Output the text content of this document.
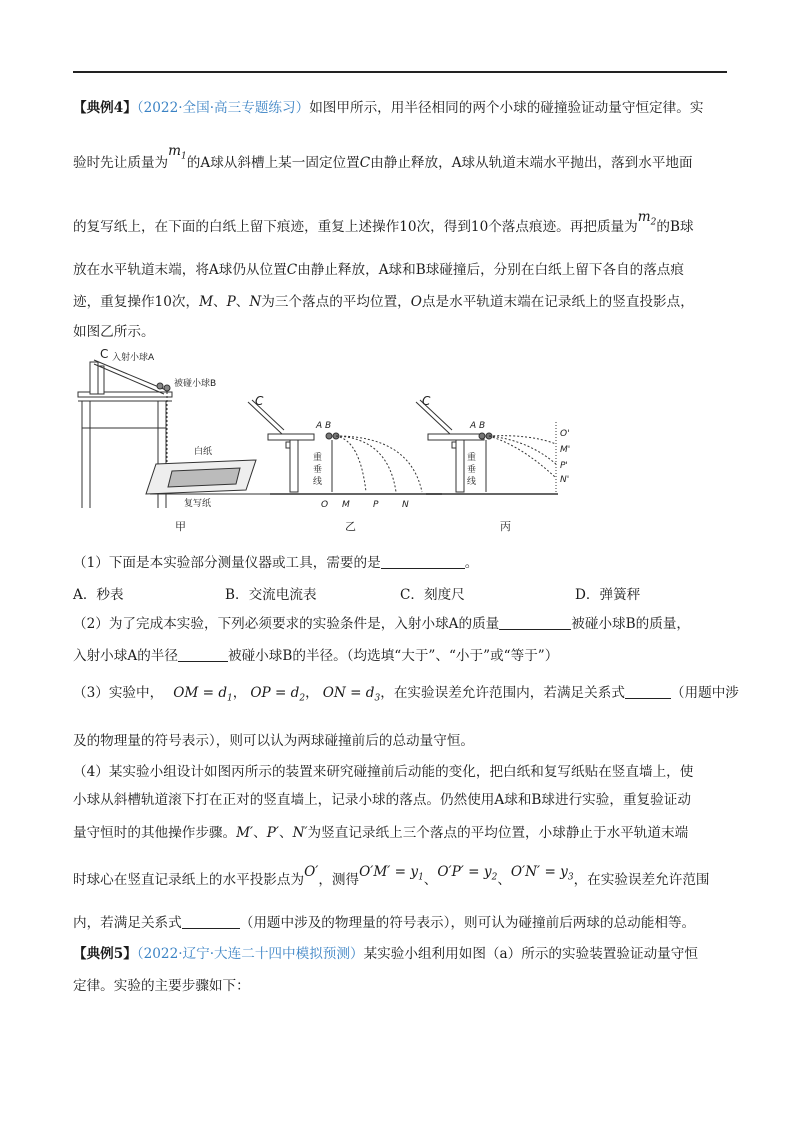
【典例4】（2022·全国·高三专题练习）如图甲所示，用半径相同的两个小球的碰撞验证动量守恒定律。实
验时先让质量为$m_1$的A球从斜槽上某一固定位置C由静止释放，A球从轨道末端水平抛出，落到水平地面
的复写纸上，在下面的白纸上留下痕迹，重复上述操作10次，得到10个落点痕迹。再把质量为$m_2$的B球
放在水平轨道末端，将A球仍从位置C由静止释放，A球和B球碰撞后，分别在白纸上留下各自的落点痕
迹，重复操作10次，M、P、N为三个落点的平均位置，O点是水平轨道末端在记录纸上的竖直投影点，
如图乙所示。
C 入射小球A
被碰小球B
白纸
复写纸
甲
C
A B
重
垂
线
O M	P	N
乙
C
A B
重
垂
线
O'
M'
P'
N'
丙
（1）下面是本实验部分测量仪器或工具，需要的是	。
A．秒表	B．交流电流表	C．刻度尺	D．弹簧秤
（2）为了完成本实验，下列必须要求的实验条件是，入射小球A的质量	被碰小球B的质量，
入射小球A的半径	被碰小球B的半径。（均选填“大于”、“小于”或“等于”）
（3）实验中， OM = $d_1$， OP = $d_2$， ON = $d_3$，在实验误差允许范围内，若满足关系式	（用题中涉
及的物理量的符号表示），则可以认为两球碰撞前后的总动量守恒。
（4）某实验小组设计如图丙所示的装置来研究碰撞前后动能的变化，把白纸和复写纸贴在竖直墙上，使
小球从斜槽轨道滚下打在正对的竖直墙上，记录小球的落点。仍然使用A球和B球进行实验，重复验证动
量守恒时的其他操作步骤。M′、P′、N′为竖直记录纸上三个落点的平均位置，小球静止于水平轨道末端
时球心在竖直记录纸上的水平投影点为O′，测得$O'M' = y_1$、$O'P' = y_2$、$O'N' = y_3$，在实验误差允许范围
内，若满足关系式	（用题中涉及的物理量的符号表示），则可认为碰撞前后两球的总动能相等。
【典例5】（2022·辽宁·大连二十四中模拟预测）某实验小组利用如图（a）所示的实验装置验证动量守恒
定律。实验的主要步骤如下：
